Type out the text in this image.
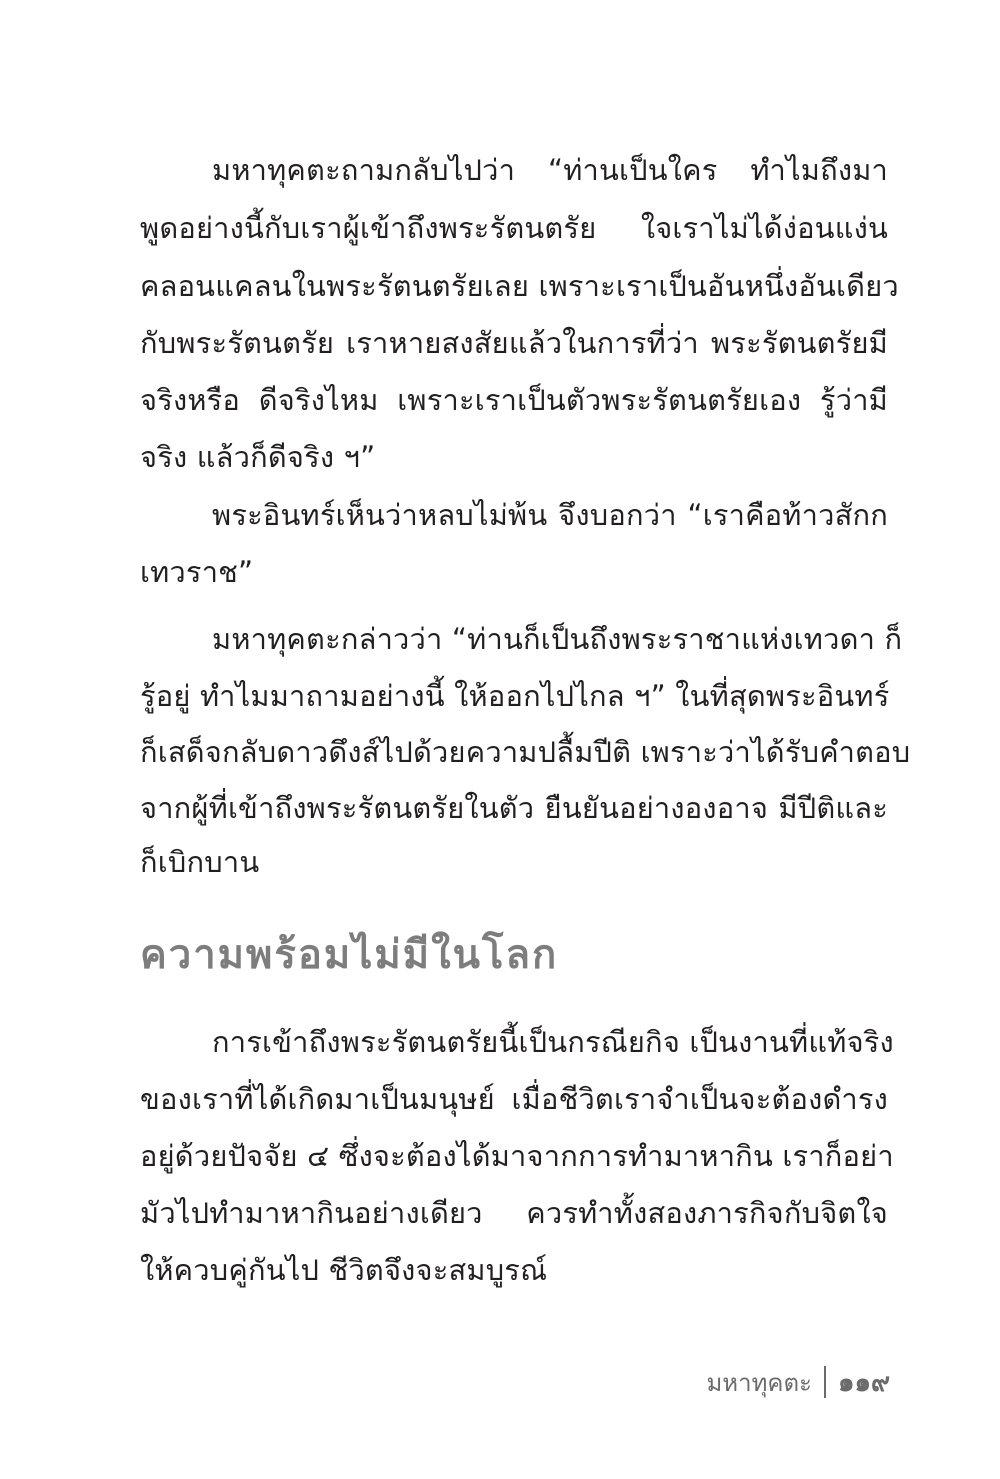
มหาทุคตะถามกลับไปว่า “ท่านเป็นใคร ทำไมถึงมา
พูดอย่างนี้กับเราผู้เข้าถึงพระรัตนตรัย ใจเราไม่ได้ง่อนแง่น
คลอนแคลนในพระรัตนตรัยเลย เพราะเราเป็นอันหนึ่งอันเดียว
กับพระรัตนตรัย เราหายสงสัยแล้วในการที่ว่า พระรัตนตรัยมี
จริงหรือ ดีจริงไหม เพราะเราเป็นตัวพระรัตนตรัยเอง รู้ว่ามี
จริง แล้วก็ดีจริง ฯ”
พระอินทร์เห็นว่าหลบไม่พ้น จึงบอกว่า “เราคือท้าวสักก
เทวราช”
มหาทุคตะกล่าวว่า “ท่านก็เป็นถึงพระราชาแห่งเทวดา ก็
รู้อยู่ ทำไมมาถามอย่างนี้ ให้ออกไปไกล ฯ” ในที่สุดพระอินทร์
ก็เสด็จกลับดาวดึงส์ไปด้วยความปลื้มปีติ เพราะว่าได้รับคำตอบ
จากผู้ที่เข้าถึงพระรัตนตรัยในตัว ยืนยันอย่างองอาจ มีปีติและ
ก็เบิกบาน
ความพร้อมไม่มีในโลก
การเข้าถึงพระรัตนตรัยนี้เป็นกรณียกิจ เป็นงานที่แท้จริง
ของเราที่ได้เกิดมาเป็นมนุษย์ เมื่อชีวิตเราจำเป็นจะต้องดำรง
อยู่ด้วยปัจจัย ๔ ซึ่งจะต้องได้มาจากการทำมาหากิน เราก็อย่า
มัวไปทำมาหากินอย่างเดียว ควรทำทั้งสองภารกิจกับจิตใจ
ให้ควบคู่กันไป ชีวิตจึงจะสมบูรณ์
มหาทุคตะ ๑๑๙
